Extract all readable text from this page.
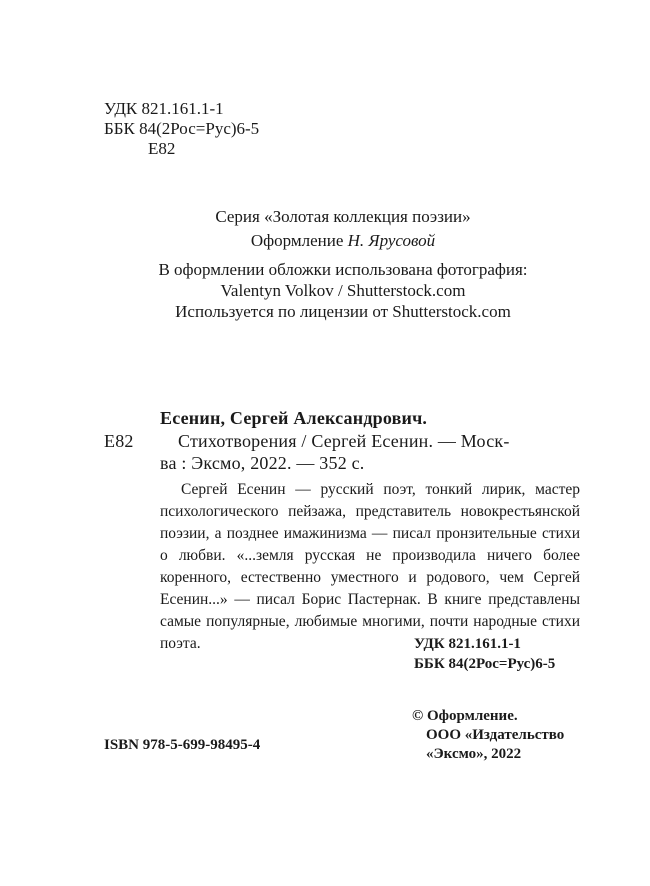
УДК 821.161.1-1
ББК 84(2Рос=Рус)6-5
Е82
Серия «Золотая коллекция поэзии»
Оформление Н. Ярусовой
В оформлении обложки использована фотография:
Valentyn Volkov / Shutterstock.com
Используется по лицензии от Shutterstock.com
Есенин, Сергей Александрович.
Е82 Стихотворения / Сергей Есенин. — Моск-
ва : Эксмо, 2022. — 352 с.

Сергей Есенин — русский поэт, тонкий лирик, мастер психологического пейзажа, представитель новокрестьянской поэзии, а позднее имажинизма — писал пронзительные стихи о любви. «...земля русская не производила ничего более коренного, естественно уместного и родового, чем Сергей Есенин...» — писал Борис Пастернак. В книге представлены самые популярные, любимые многими, почти народные стихи поэта.	УДК 821.161.1-1
ББК 84(2Рос=Рус)6-5
© Оформление.
ООО «Издательство
«Эксмо», 2022
ISBN 978-5-699-98495-4
